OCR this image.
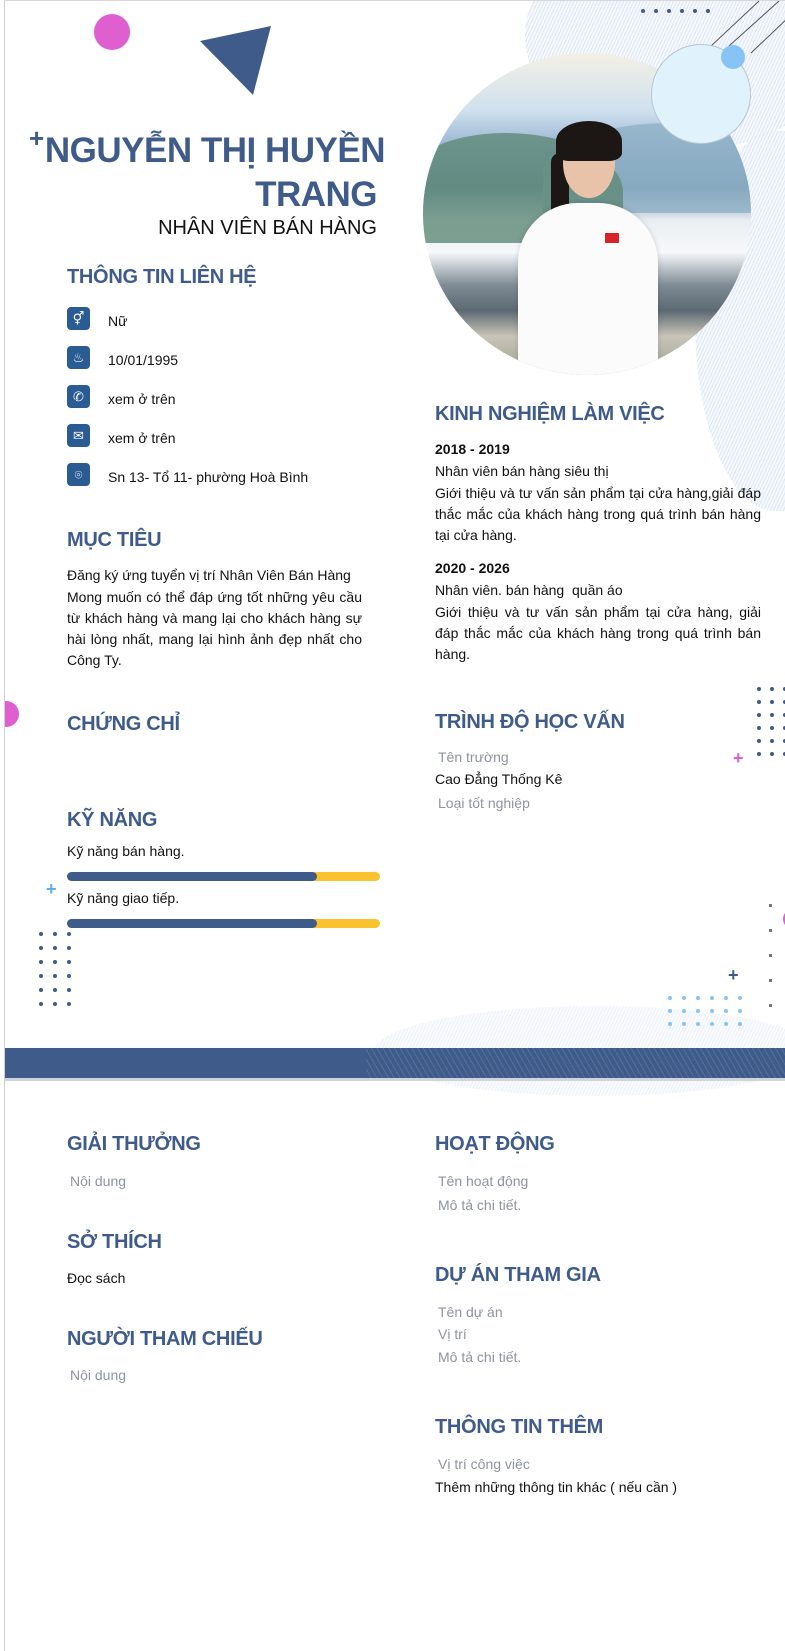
+ NGUYỄN THỊ HUYỀN
TRANG
NHÂN VIÊN BÁN HÀNG
THÔNG TIN LIÊN HỆ
⚥	Nữ
♨	10/01/1995
✆	xem ở trên
✉	xem ở trên
⌾	Sn 13- Tổ 11- phường Hoà Bình
MỤC TIÊU
Đăng ký ứng tuyển vị trí Nhân Viên Bán Hàng
Mong muốn có thể đáp ứng tốt những yêu cầu từ khách hàng và mang lại cho khách hàng sự hài lòng nhất, mang lại hình ảnh đẹp nhất cho Công Ty.
CHỨNG CHỈ
KỸ NĂNG
Kỹ năng bán hàng.
+ Kỹ năng giao tiếp.
KINH NGHIỆM LÀM VIỆC
2018 - 2019
Nhân viên bán hàng siêu thị
Giới thiệu và tư vấn sản phẩm tại cửa hàng,giải đáp thắc mắc của khách hàng trong quá trình bán hàng tại cửa hàng.
2020 - 2026
Nhân viên. bán hàng  quần áo
Giới thiệu và tư vấn sản phẩm tại cửa hàng, giải đáp thắc mắc của khách hàng trong quá trình bán hàng.
+
TRÌNH ĐỘ HỌC VẤN
Tên trường
Cao Đẳng Thống Kê
Loại tốt nghiệp
+
GIẢI THƯỞNG
Nội dung
SỞ THÍCH
Đọc sách
NGƯỜI THAM CHIẾU
Nội dung
HOẠT ĐỘNG
Tên hoạt động
Mô tả chi tiết.
DỰ ÁN THAM GIA
Tên dự án
Vị trí
Mô tả chi tiết.
THÔNG TIN THÊM
Vị trí công việc
Thêm những thông tin khác ( nếu cần )
